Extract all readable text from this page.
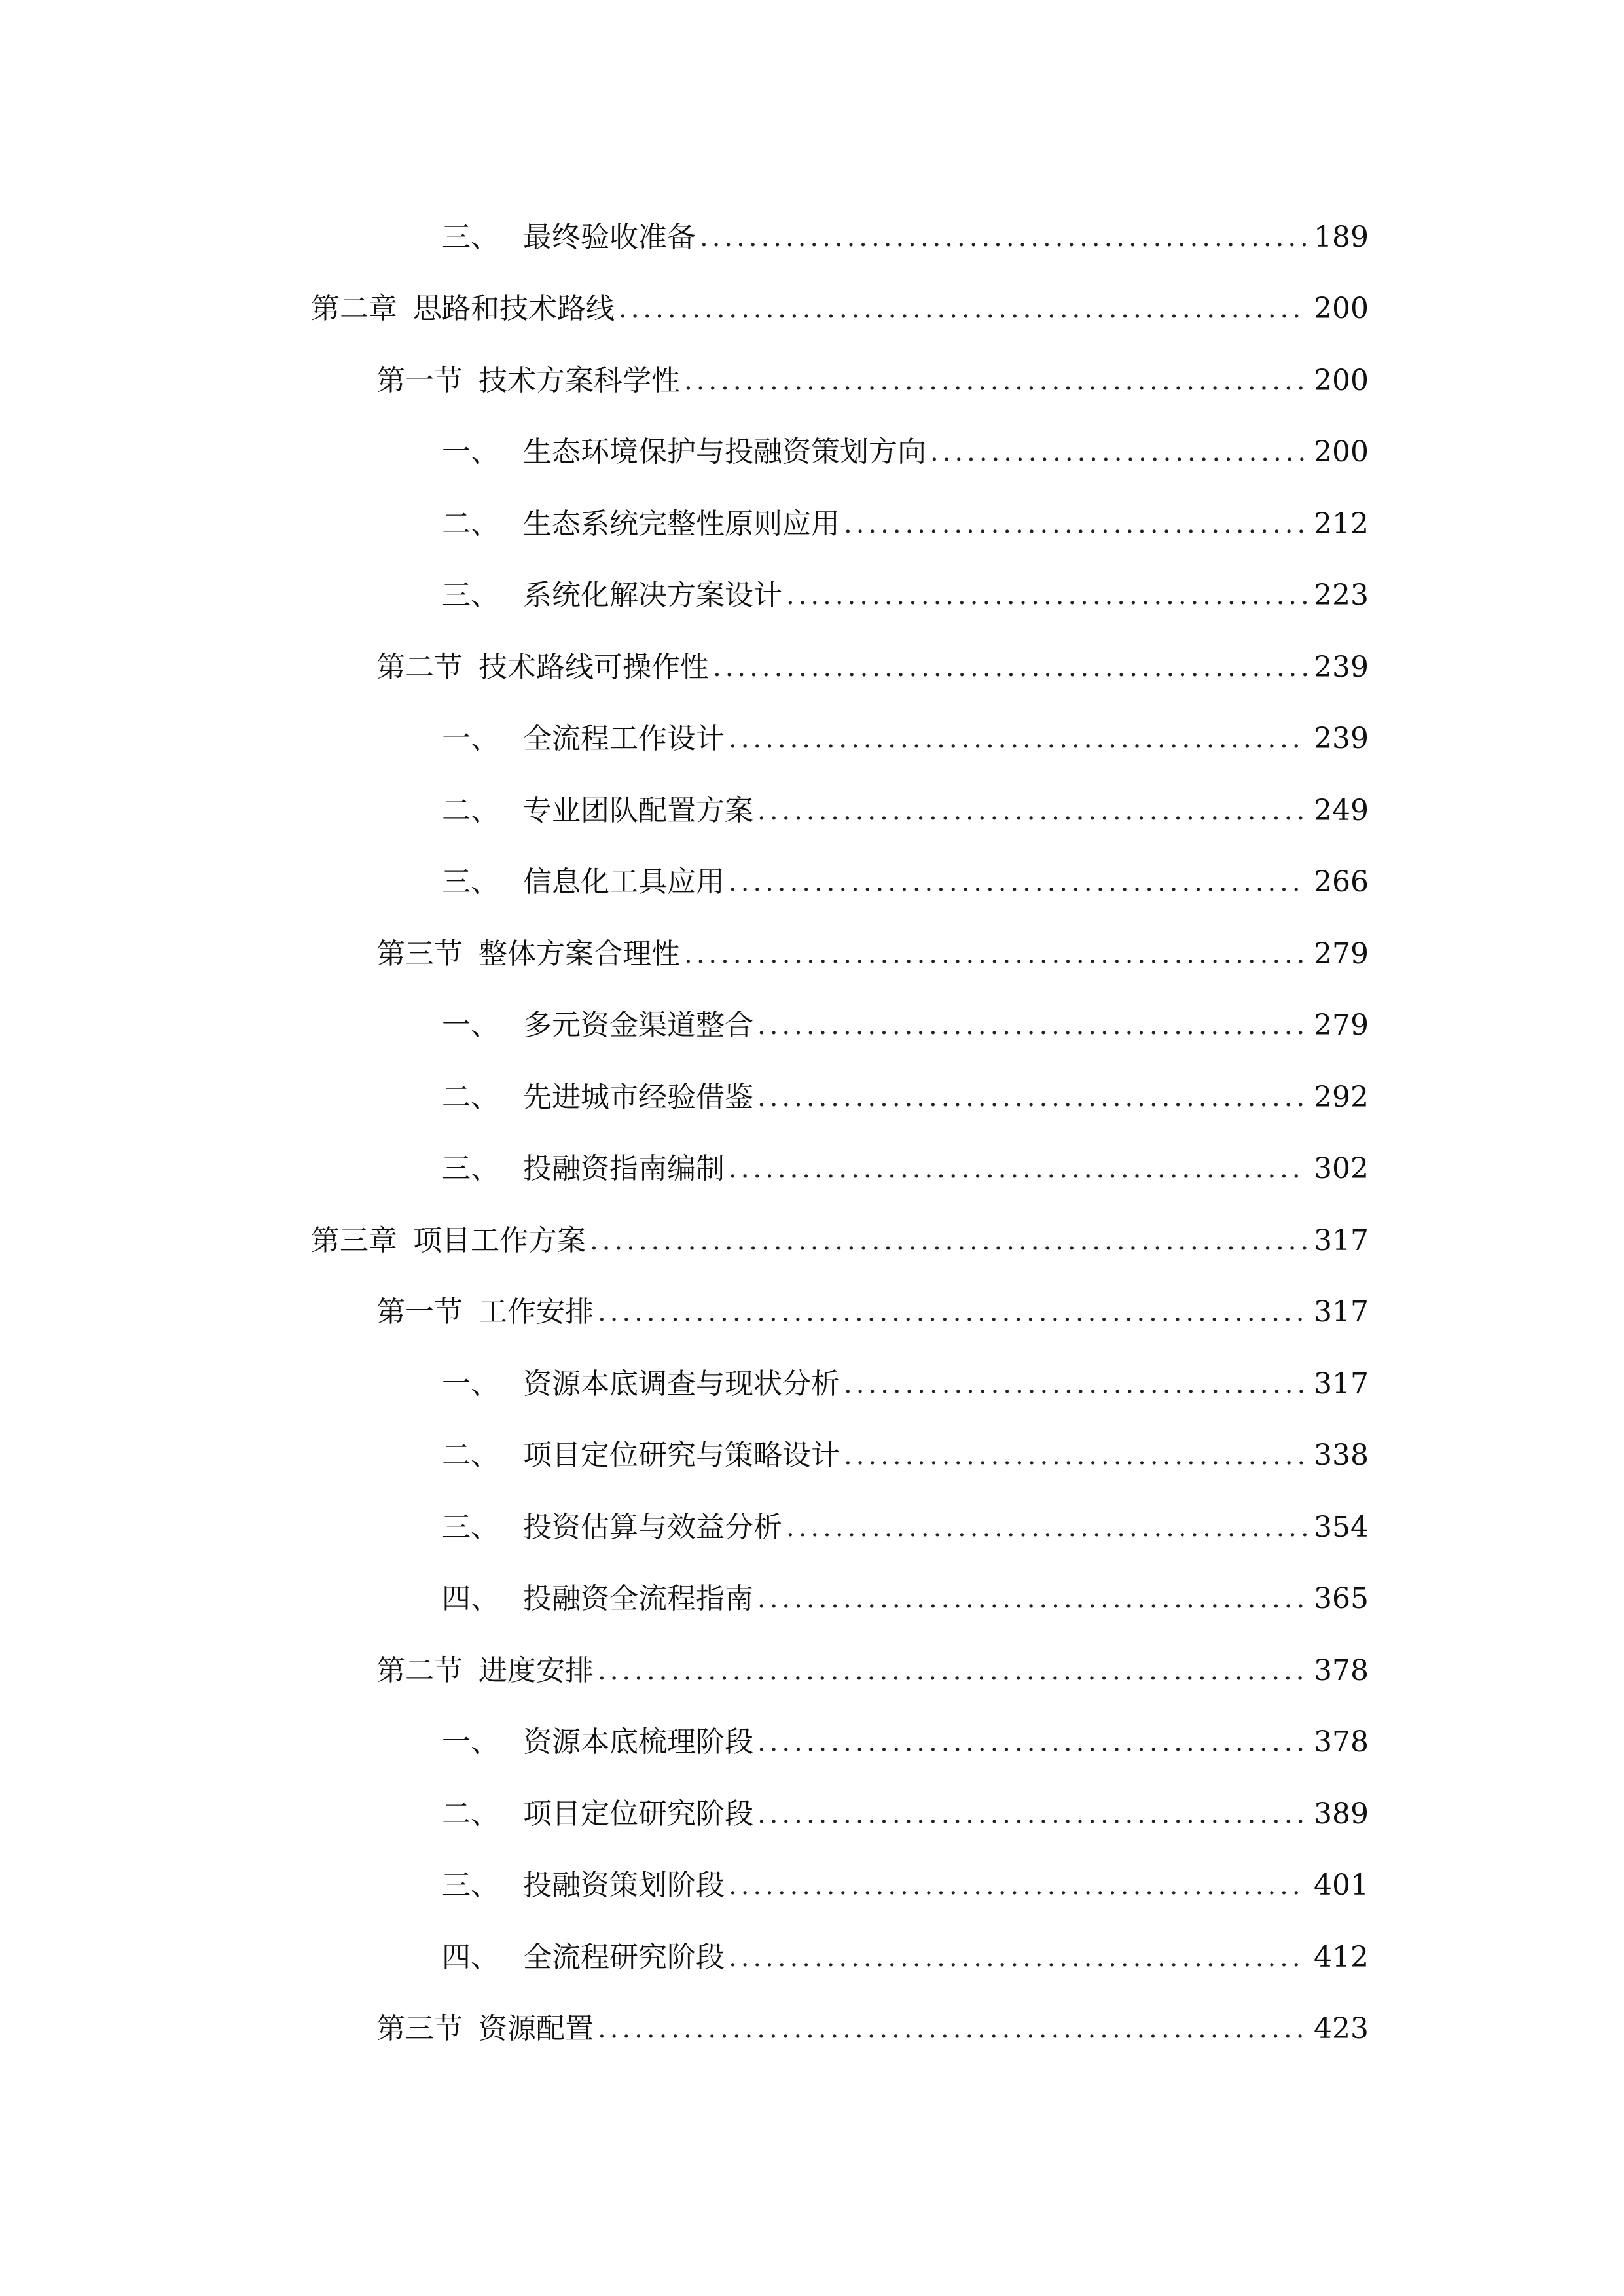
三、 最终验收准备 .....	189
第二章 思路和技术路线 .....	200
第一节 技术方案科学性 .....	200
一、 生态环境保护与投融资策划方向 .....	200
二、 生态系统完整性原则应用 .....	212
三、 系统化解决方案设计 .....	223
第二节 技术路线可操作性 .....	239
一、 全流程工作设计 .....	239
二、 专业团队配置方案 .....	249
三、 信息化工具应用 .....	266
第三节 整体方案合理性 .....	279
一、 多元资金渠道整合 .....	279
二、 先进城市经验借鉴 .....	292
三、 投融资指南编制 .....	302
第三章 项目工作方案 .....	317
第一节 工作安排 .....	317
一、 资源本底调查与现状分析 .....	317
二、 项目定位研究与策略设计 .....	338
三、 投资估算与效益分析 .....	354
四、 投融资全流程指南 .....	365
第二节 进度安排 .....	378
一、 资源本底梳理阶段 .....	378
二、 项目定位研究阶段 .....	389
三、 投融资策划阶段 .....	401
四、 全流程研究阶段 .....	412
第三节 资源配置 .....	423
